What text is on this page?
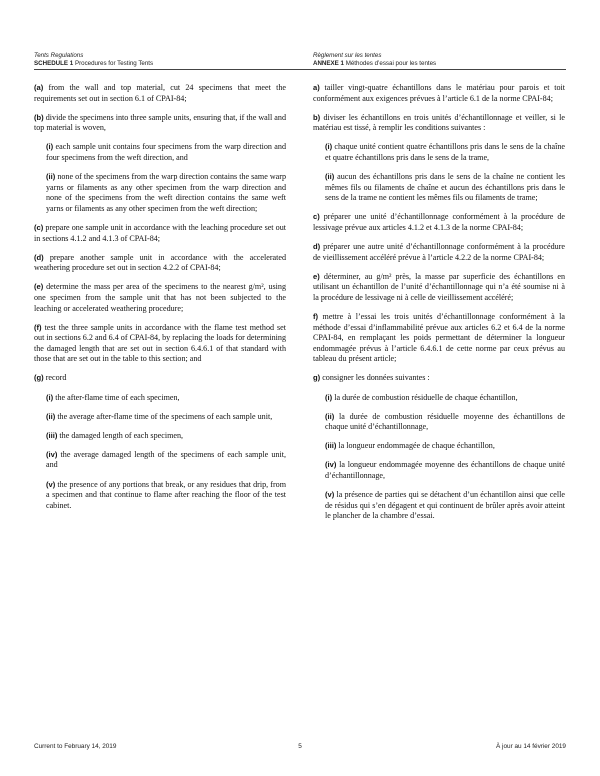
Tents Regulations
SCHEDULE 1 Procedures for Testing Tents
Règlement sur les tentes
ANNEXE 1 Méthodes d’essai pour les tentes

(a) from the wall and top material, cut 24 specimens that meet the requirements set out in section 6.1 of CPAI-84;

(b) divide the specimens into three sample units, ensuring that, if the wall and top material is woven,

(i) each sample unit contains four specimens from the warp direction and four specimens from the weft direction, and

(ii) none of the specimens from the warp direction contains the same warp yarns or filaments as any other specimen from the warp direction and none of the specimens from the weft direction contains the same weft yarns or filaments as any other specimen from the weft direction;

(c) prepare one sample unit in accordance with the leaching procedure set out in sections 4.1.2 and 4.1.3 of CPAI-84;

(d) prepare another sample unit in accordance with the accelerated weathering procedure set out in section 4.2.2 of CPAI-84;

(e) determine the mass per area of the specimens to the nearest g/m², using one specimen from the sample unit that has not been subjected to the leaching or accelerated weathering procedure;

(f) test the three sample units in accordance with the flame test method set out in sections 6.2 and 6.4 of CPAI-84, by replacing the loads for determining the damaged length that are set out in section 6.4.6.1 of that standard with those that are set out in the table to this section; and

(g) record

(i) the after-flame time of each specimen,

(ii) the average after-flame time of the specimens of each sample unit,

(iii) the damaged length of each specimen,

(iv) the average damaged length of the specimens of each sample unit, and

(v) the presence of any portions that break, or any residues that drip, from a specimen and that continue to flame after reaching the floor of the test cabinet.

a) tailler vingt-quatre échantillons dans le matériau pour parois et toit conformément aux exigences prévues à l’article 6.1 de la norme CPAI-84;

b) diviser les échantillons en trois unités d’échantillonnage et veiller, si le matériau est tissé, à remplir les conditions suivantes :

(i) chaque unité contient quatre échantillons pris dans le sens de la chaîne et quatre échantillons pris dans le sens de la trame,

(ii) aucun des échantillons pris dans le sens de la chaîne ne contient les mêmes fils ou filaments de chaîne et aucun des échantillons pris dans le sens de la trame ne contient les mêmes fils ou filaments de trame;

c) préparer une unité d’échantillonnage conformément à la procédure de lessivage prévue aux articles 4.1.2 et 4.1.3 de la norme CPAI-84;

d) préparer une autre unité d’échantillonnage conformément à la procédure de vieillissement accéléré prévue à l’article 4.2.2 de la norme CPAI-84;

e) déterminer, au g/m² près, la masse par superficie des échantillons en utilisant un échantillon de l’unité d’échantillonnage qui n’a été soumise ni à la procédure de lessivage ni à celle de vieillissement accéléré;

f) mettre à l’essai les trois unités d’échantillonnage conformément à la méthode d’essai d’inflammabilité prévue aux articles 6.2 et 6.4 de la norme CPAI-84, en remplaçant les poids permettant de déterminer la longueur endommagée prévus à l’article 6.4.6.1 de cette norme par ceux prévus au tableau du présent article;

g) consigner les données suivantes :

(i) la durée de combustion résiduelle de chaque échantillon,

(ii) la durée de combustion résiduelle moyenne des échantillons de chaque unité d’échantillonnage,

(iii) la longueur endommagée de chaque échantillon,

(iv) la longueur endommagée moyenne des échantillons de chaque unité d’échantillonnage,

(v) la présence de parties qui se détachent d’un échantillon ainsi que celle de résidus qui s’en dégagent et qui continuent de brûler après avoir atteint le plancher de la chambre d’essai.

Current to February 14, 2019	5	À jour au 14 février 2019
